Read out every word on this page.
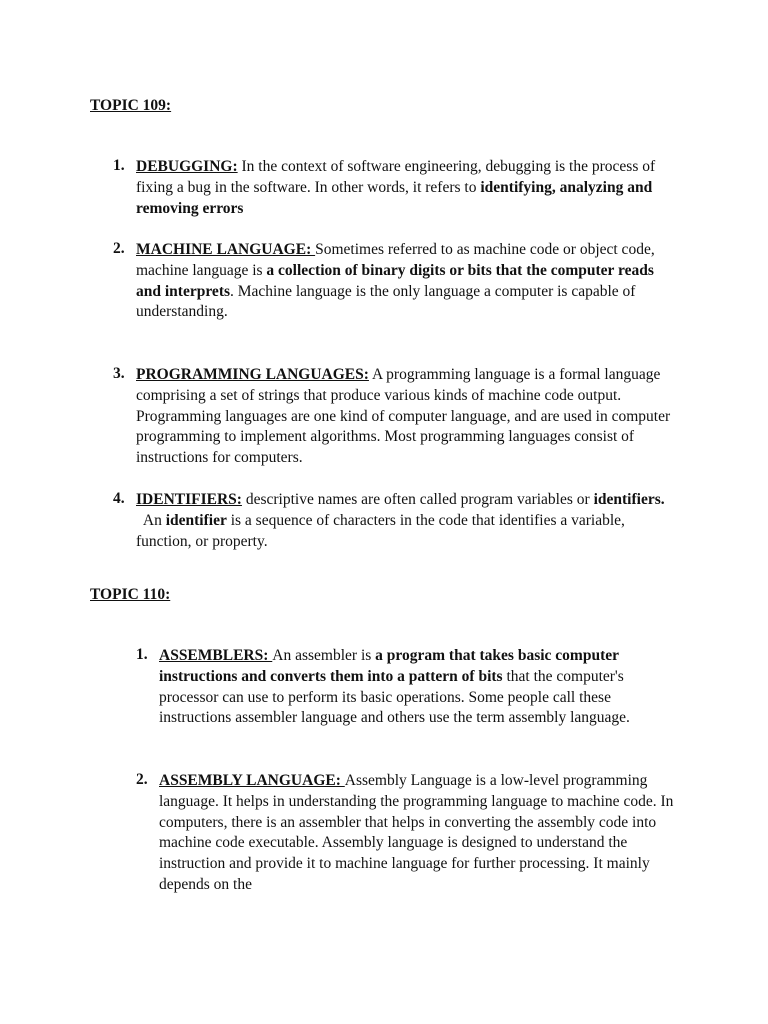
TOPIC 109:
1. DEBUGGING: In the context of software engineering, debugging is the process of fixing a bug in the software. In other words, it refers to identifying, analyzing and removing errors

2. MACHINE LANGUAGE: Sometimes referred to as machine code or object code, machine language is a collection of binary digits or bits that the computer reads and interprets. Machine language is the only language a computer is capable of understanding.

3. PROGRAMMING LANGUAGES: A programming language is a formal language comprising a set of strings that produce various kinds of machine code output. Programming languages are one kind of computer language, and are used in computer programming to implement algorithms. Most programming languages consist of instructions for computers.

4. IDENTIFIERS: descriptive names are often called program variables or identifiers.  An identifier is a sequence of characters in the code that identifies a variable, function, or property.

TOPIC 110:
1. ASSEMBLERS: An assembler is a program that takes basic computer instructions and converts them into a pattern of bits that the computer's processor can use to perform its basic operations. Some people call these instructions assembler language and others use the term assembly language.

2. ASSEMBLY LANGUAGE: Assembly Language is a low-level programming language. It helps in understanding the programming language to machine code. In computers, there is an assembler that helps in converting the assembly code into machine code executable. Assembly language is designed to understand the instruction and provide it to machine language for further processing. It mainly depends on the
